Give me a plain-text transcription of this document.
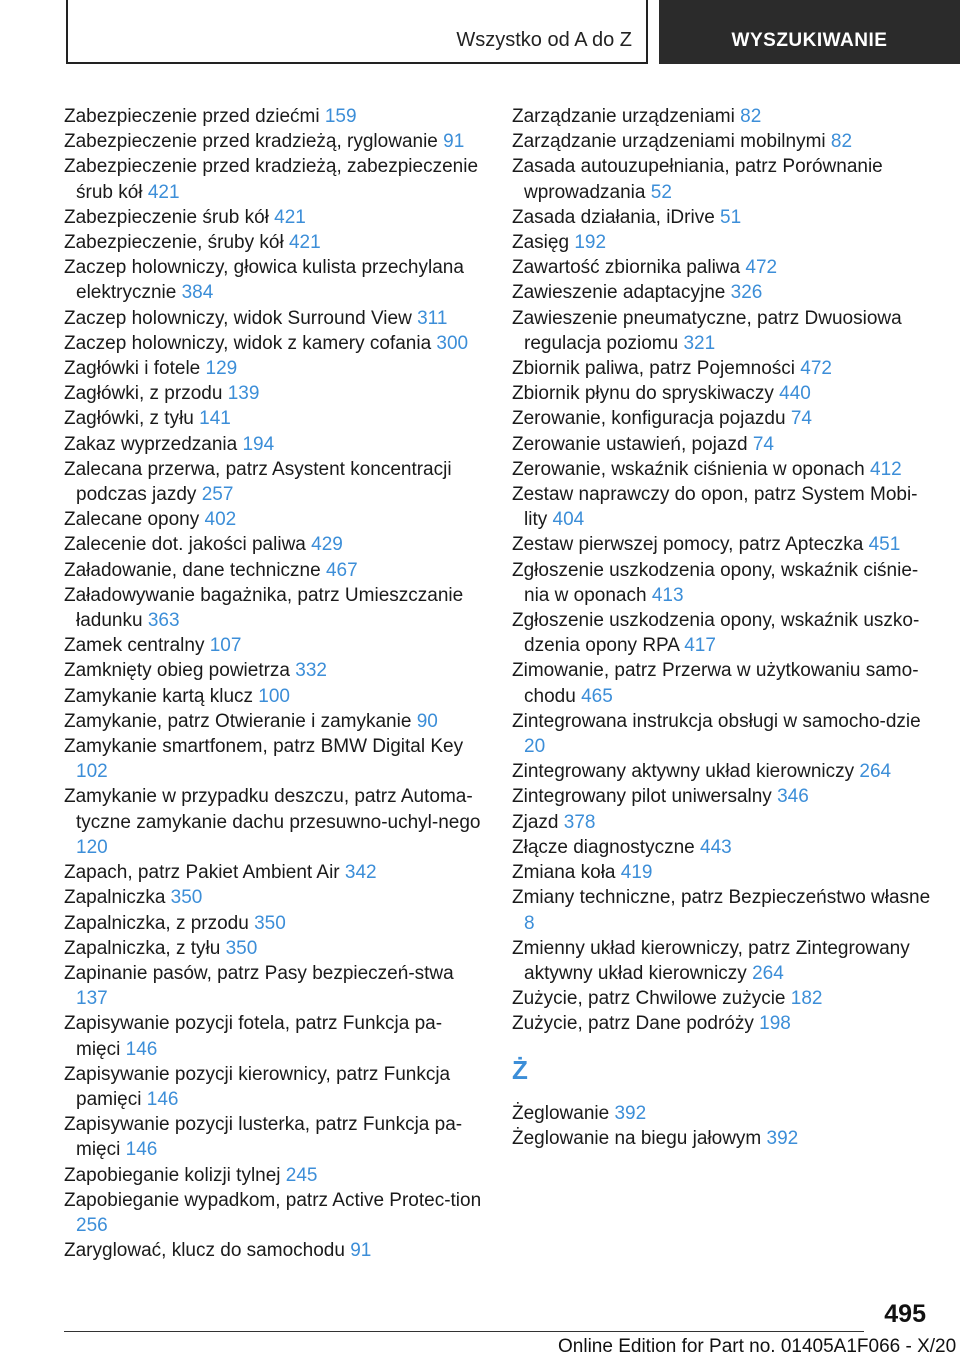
Wszystko od A do Z	WYSZUKIWANIE

Zabezpieczenie przed dziećmi 159

Zabezpieczenie przed kradzieżą, ryglowanie 91

Zabezpieczenie przed kradzieżą, zabezpieczenie śrub kół 421

Zabezpieczenie śrub kół 421

Zabezpieczenie, śruby kół 421

Zaczep holowniczy, głowica kulista przechylana elektrycznie 384

Zaczep holowniczy, widok Surround View 311

Zaczep holowniczy, widok z kamery cofania 300

Zagłówki i fotele 129

Zagłówki, z przodu 139

Zagłówki, z tyłu 141

Zakaz wyprzedzania 194

Zalecana przerwa, patrz Asystent koncentracji podczas jazdy 257

Zalecane opony 402

Zalecenie dot. jakości paliwa 429

Załadowanie, dane techniczne 467

Załadowywanie bagażnika, patrz Umieszczanie ładunku 363

Zamek centralny 107

Zamknięty obieg powietrza 332

Zamykanie kartą klucz 100

Zamykanie, patrz Otwieranie i zamykanie 90

Zamykanie smartfonem, patrz BMW Digital Key 102

Zamykanie w przypadku deszczu, patrz Automa-tyczne zamykanie dachu przesuwno-uchyl-nego 120

Zapach, patrz Pakiet Ambient Air 342

Zapalniczka 350

Zapalniczka, z przodu 350

Zapalniczka, z tyłu 350

Zapinanie pasów, patrz Pasy bezpieczeń-stwa 137

Zapisywanie pozycji fotela, patrz Funkcja pa-mięci 146

Zapisywanie pozycji kierownicy, patrz Funkcja pamięci 146

Zapisywanie pozycji lusterka, patrz Funkcja pa-mięci 146

Zapobieganie kolizji tylnej 245

Zapobieganie wypadkom, patrz Active Protec-tion 256

Zaryglować, klucz do samochodu 91

Zarządzanie urządzeniami 82

Zarządzanie urządzeniami mobilnymi 82

Zasada autouzupełniania, patrz Porównanie wprowadzania 52

Zasada działania, iDrive 51

Zasięg 192

Zawartość zbiornika paliwa 472

Zawieszenie adaptacyjne 326

Zawieszenie pneumatyczne, patrz Dwuosiowa regulacja poziomu 321

Zbiornik paliwa, patrz Pojemności 472

Zbiornik płynu do spryskiwaczy 440

Zerowanie, konfiguracja pojazdu 74

Zerowanie ustawień, pojazd 74

Zerowanie, wskaźnik ciśnienia w oponach 412

Zestaw naprawczy do opon, patrz System Mobi-lity 404

Zestaw pierwszej pomocy, patrz Apteczka 451

Zgłoszenie uszkodzenia opony, wskaźnik ciśnie-nia w oponach 413

Zgłoszenie uszkodzenia opony, wskaźnik uszko-dzenia opony RPA 417

Zimowanie, patrz Przerwa w użytkowaniu samo-chodu 465

Zintegrowana instrukcja obsługi w samocho-dzie 20

Zintegrowany aktywny układ kierowniczy 264

Zintegrowany pilot uniwersalny 346

Zjazd 378

Złącze diagnostyczne 443

Zmiana koła 419

Zmiany techniczne, patrz Bezpieczeństwo własne 8

Zmienny układ kierowniczy, patrz Zintegrowany aktywny układ kierowniczy 264

Zużycie, patrz Chwilowe zużycie 182

Zużycie, patrz Dane podróży 198

Ż

Żeglowanie 392

Żeglowanie na biegu jałowym 392

495
Online Edition for Part no. 01405A1F066 - X/20
